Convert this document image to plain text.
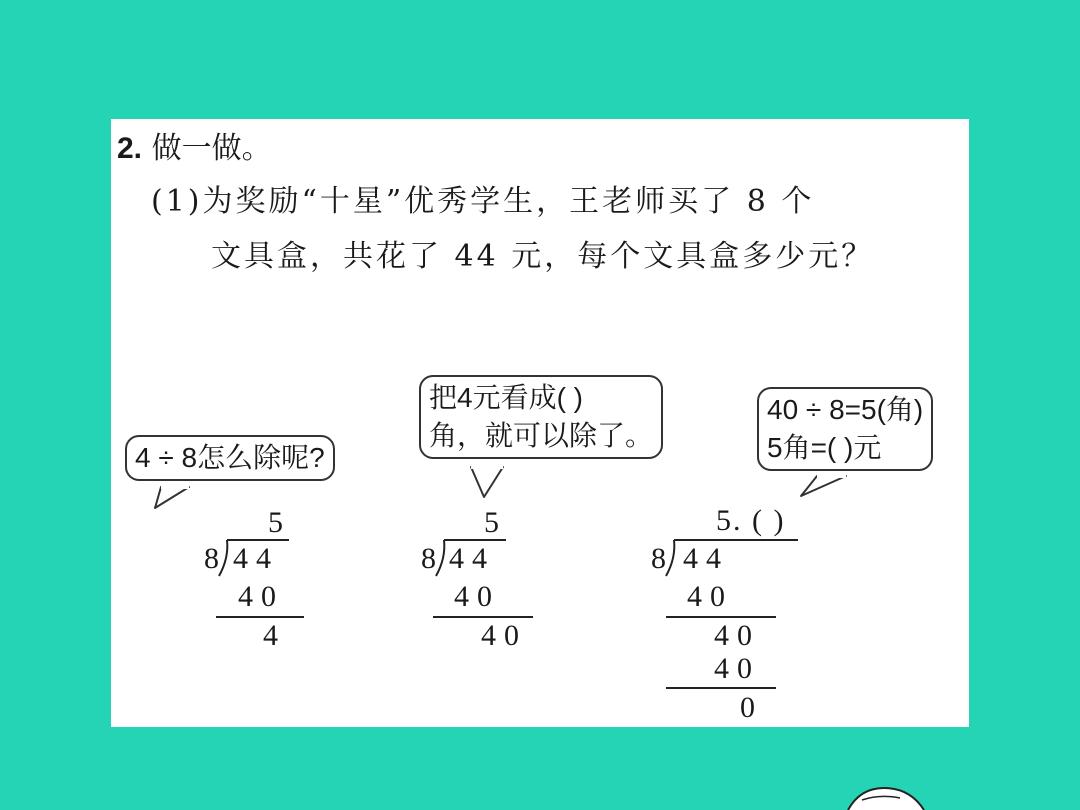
2. 做一做。
(1)为奖励“十星”优秀学生，王老师买了 8 个
文具盒，共花了 44 元，每个文具盒多少元？
4 ÷ 8怎么除呢?
把4元看成( )
角，就可以除了。
40 ÷ 8=5(角)
5角=( )元
5
8 44
40
4
5
8 44
40
40
5. ( )
8 44
40
40
40
0
